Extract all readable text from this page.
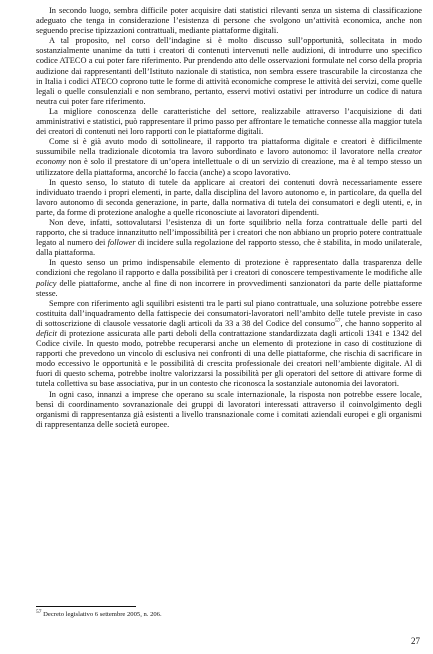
In secondo luogo, sembra difficile poter acquisire dati statistici rilevanti senza un sistema di classificazione adeguato che tenga in considerazione l’esistenza di persone che svolgono un’attività economica, anche non seguendo precise tipizzazioni contrattuali, mediante piattaforme digitali.

A tal proposito, nel corso dell’indagine si è molto discusso sull’opportunità, sollecitata in modo sostanzialmente unanime da tutti i creatori di contenuti intervenuti nelle audizioni, di introdurre uno specifico codice ATECO a cui poter fare riferimento. Pur prendendo atto delle osservazioni formulate nel corso della propria audizione dai rappresentanti dell’Istituto nazionale di statistica, non sembra essere trascurabile la circostanza che in Italia i codici ATECO coprono tutte le forme di attività economiche comprese le attività dei servizi, come quelle legali o quelle consulenziali e non sembrano, pertanto, esservi motivi ostativi per introdurre un codice di natura neutra cui poter fare riferimento.

La migliore conoscenza delle caratteristiche del settore, realizzabile attraverso l’acquisizione di dati amministrativi e statistici, può rappresentare il primo passo per affrontare le tematiche connesse alla maggior tutela dei creatori di contenuti nei loro rapporti con le piattaforme digitali.

Come si è già avuto modo di sottolineare, il rapporto tra piattaforma digitale e creatori è difficilmente sussumibile nella tradizionale dicotomia tra lavoro subordinato e lavoro autonomo: il lavoratore nella creator economy non è solo il prestatore di un’opera intellettuale o di un servizio di creazione, ma è al tempo stesso un utilizzatore della piattaforma, ancorché lo faccia (anche) a scopo lavorativo.

In questo senso, lo statuto di tutele da applicare ai creatori dei contenuti dovrà necessariamente essere individuato traendo i propri elementi, in parte, dalla disciplina del lavoro autonomo e, in particolare, da quella del lavoro autonomo di seconda generazione, in parte, dalla normativa di tutela dei consumatori e degli utenti, e, in parte, da forme di protezione analoghe a quelle riconosciute ai lavoratori dipendenti.

Non deve, infatti, sottovalutarsi l’esistenza di un forte squilibrio nella forza contrattuale delle parti del rapporto, che si traduce innanzitutto nell’impossibilità per i creatori che non abbiano un proprio potere contrattuale legato al numero dei follower di incidere sulla regolazione del rapporto stesso, che è stabilita, in modo unilaterale, dalla piattaforma.

In questo senso un primo indispensabile elemento di protezione è rappresentato dalla trasparenza delle condizioni che regolano il rapporto e dalla possibilità per i creatori di conoscere tempestivamente le modifiche alle policy delle piattaforme, anche al fine di non incorrere in provvedimenti sanzionatori da parte delle piattaforme stesse.

Sempre con riferimento agli squilibri esistenti tra le parti sul piano contrattuale, una soluzione potrebbe essere costituita dall’inquadramento della fattispecie dei consumatori-lavoratori nell’ambito delle tutele previste in caso di sottoscrizione di clausole vessatorie dagli articoli da 33 a 38 del Codice del consumo$^{57}$, che hanno sopperito al deficit di protezione assicurata alle parti deboli della contrattazione standardizzata dagli articoli 1341 e 1342 del Codice civile. In questo modo, potrebbe recuperarsi anche un elemento di protezione in caso di costituzione di rapporti che prevedono un vincolo di esclusiva nei confronti di una delle piattaforme, che rischia di sacrificare in modo eccessivo le opportunità e le possibilità di crescita professionale dei creatori nell’ambiente digitale. Al di fuori di questo schema, potrebbe inoltre valorizzarsi la possibilità per gli operatori del settore di attivare forme di tutela collettiva su base associativa, pur in un contesto che riconosca la sostanziale autonomia dei lavoratori.

In ogni caso, innanzi a imprese che operano su scale internazionale, la risposta non potrebbe essere locale, bensì di coordinamento sovranazionale dei gruppi di lavoratori interessati attraverso il coinvolgimento degli organismi di rappresentanza già esistenti a livello transnazionale come i comitati aziendali europei e gli organismi di rappresentanza delle società europee.

$^{57}$ Decreto legislativo 6 settembre 2005, n. 206.

27
